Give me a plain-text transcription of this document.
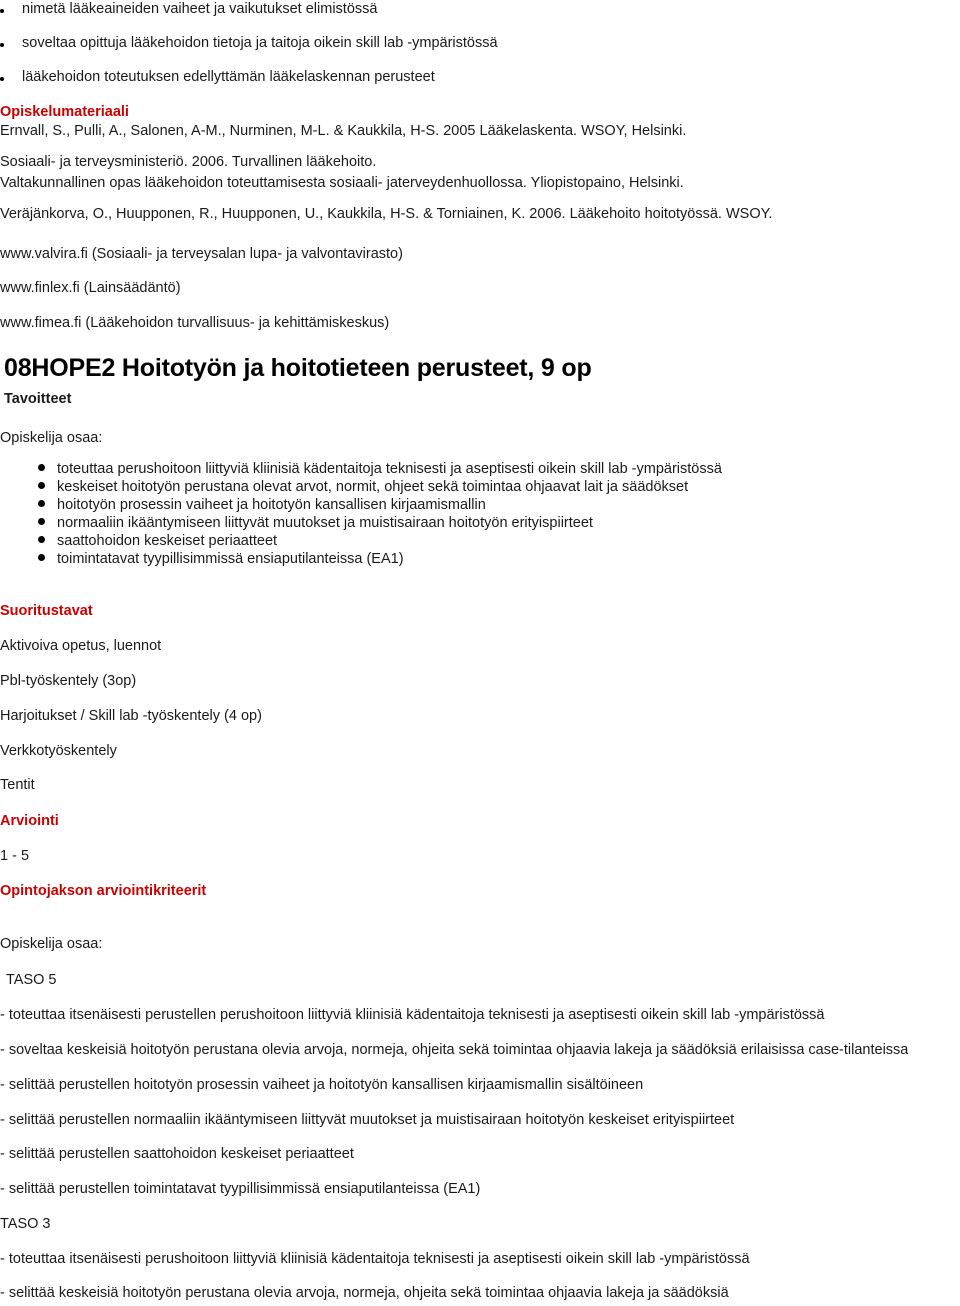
nimetä lääkeaineiden vaiheet ja vaikutukset elimistössä
soveltaa opittuja lääkehoidon tietoja ja taitoja oikein skill lab -ympäristössä
lääkehoidon toteutuksen edellyttämän lääkelaskennan perusteet
Opiskelumateriaali
Ernvall, S., Pulli, A., Salonen, A-M., Nurminen, M-L. & Kaukkila, H-S. 2005 Lääkelaskenta. WSOY, Helsinki.
Sosiaali- ja terveysministeriö. 2006. Turvallinen lääkehoito.
Valtakunnallinen opas lääkehoidon toteuttamisesta sosiaali- jaterveydenhuollossa. Yliopistopaino, Helsinki.
Veräjänkorva, O., Huupponen, R., Huupponen, U., Kaukkila, H-S. & Torniainen, K. 2006. Lääkehoito hoitotyössä. WSOY.
www.valvira.fi (Sosiaali- ja terveysalan lupa- ja valvontavirasto)
www.finlex.fi (Lainsäädäntö)
www.fimea.fi (Lääkehoidon turvallisuus- ja kehittämiskeskus)
08HOPE2 Hoitotyön ja hoitotieteen perusteet, 9 op
Tavoitteet
Opiskelija osaa:
toteuttaa perushoitoon liittyviä kliinisiä kädentaitoja teknisesti ja aseptisesti oikein skill lab -ympäristössä
keskeiset hoitotyön perustana olevat arvot, normit, ohjeet sekä toimintaa ohjaavat lait ja säädökset
hoitotyön prosessin vaiheet ja hoitotyön kansallisen kirjaamismallin
normaaliin ikääntymiseen liittyvät muutokset ja muistisairaan hoitotyön erityispiirteet
saattohoidon keskeiset periaatteet
toimintatavat tyypillisimmissä ensiaputilanteissa (EA1)
Suoritustavat
Aktivoiva opetus, luennot
Pbl-työskentely (3op)
Harjoitukset / Skill lab -työskentely (4 op)
Verkkotyöskentely
Tentit
Arviointi
1 - 5
Opintojakson arviointikriteerit
Opiskelija osaa:
TASO 5
- toteuttaa itsenäisesti perustellen perushoitoon liittyviä kliinisiä kädentaitoja teknisesti ja aseptisesti oikein skill lab -ympäristössä
- soveltaa keskeisiä hoitotyön perustana olevia arvoja, normeja, ohjeita sekä toimintaa ohjaavia lakeja ja säädöksiä erilaisissa case-tilanteissa
- selittää perustellen hoitotyön prosessin vaiheet ja hoitotyön kansallisen kirjaamismallin sisältöineen
- selittää perustellen normaaliin ikääntymiseen liittyvät muutokset ja muistisairaan hoitotyön keskeiset erityispiirteet
- selittää perustellen saattohoidon keskeiset periaatteet
- selittää perustellen toimintatavat tyypillisimmissä ensiaputilanteissa (EA1)
TASO 3
- toteuttaa itsenäisesti perushoitoon liittyviä kliinisiä kädentaitoja teknisesti ja aseptisesti oikein skill lab -ympäristössä
- selittää keskeisiä hoitotyön perustana olevia arvoja, normeja, ohjeita sekä toimintaa ohjaavia lakeja ja säädöksiä
